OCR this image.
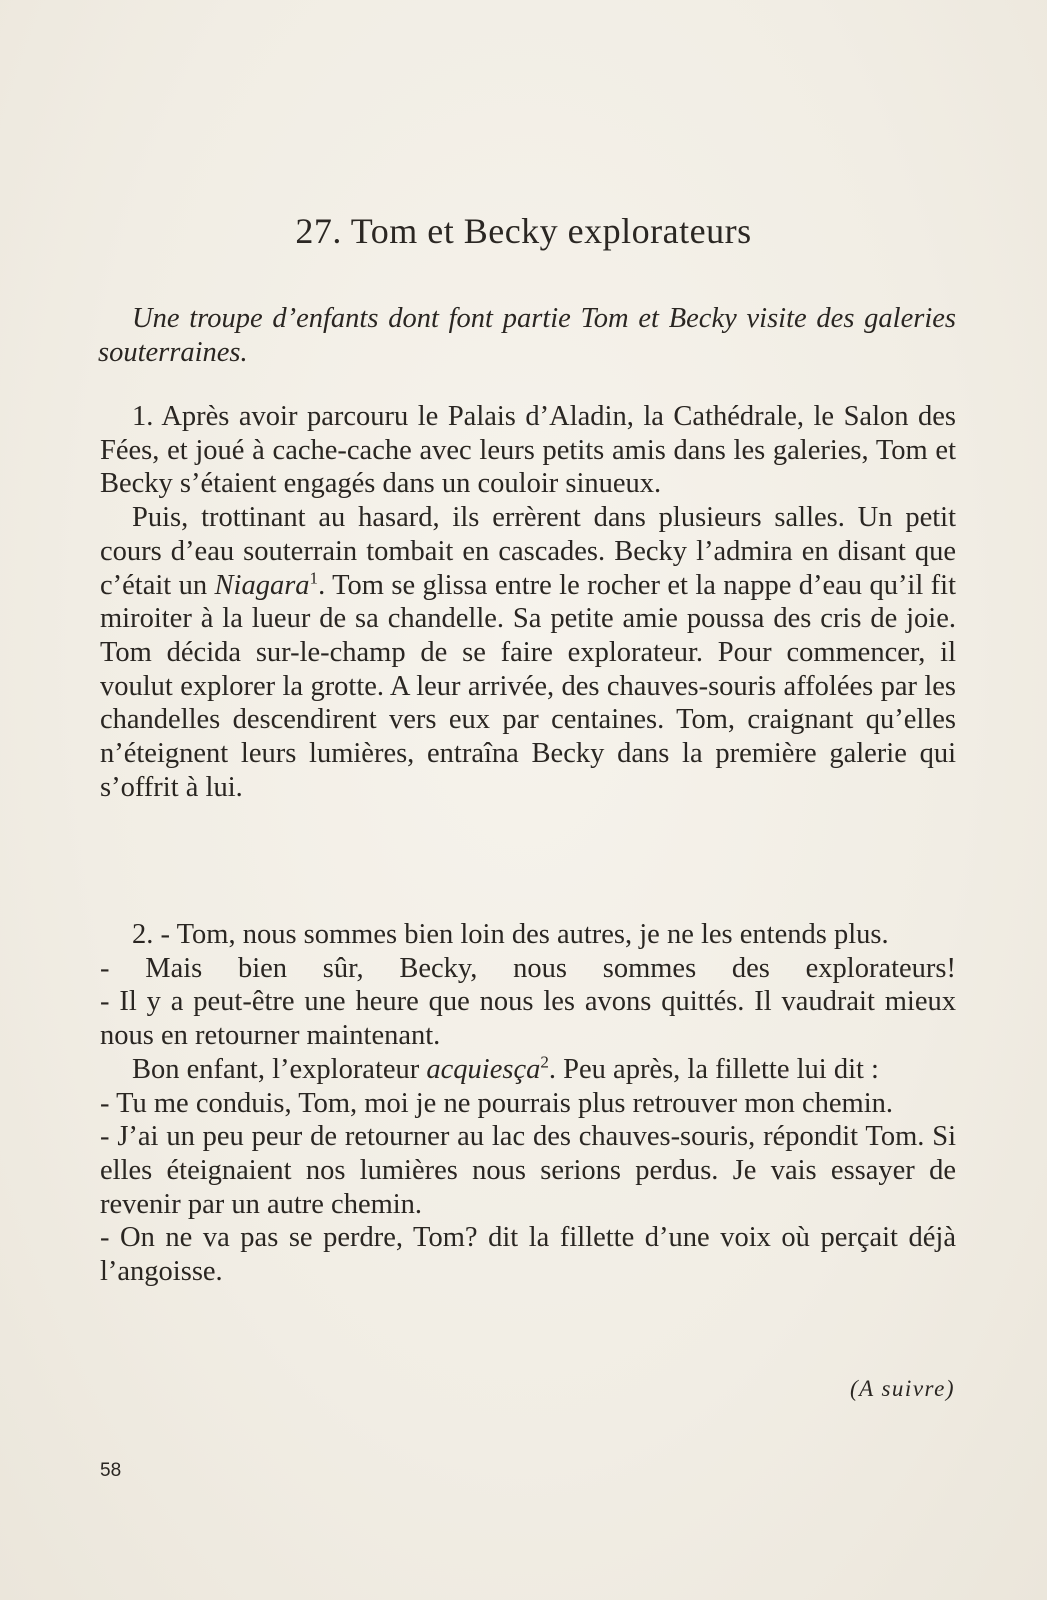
27. Tom et Becky explorateurs
Une troupe d’enfants dont font partie Tom et Becky visite des galeries souterraines.

1. Après avoir parcouru le Palais d’Aladin, la Cathédrale, le Salon des Fées, et joué à cache-cache avec leurs petits amis dans les galeries, Tom et Becky s’étaient engagés dans un couloir sinueux.

Puis, trottinant au hasard, ils errèrent dans plusieurs salles. Un petit cours d’eau souterrain tombait en cascades. Becky l’admira en disant que c’était un Niagara$^1$. Tom se glissa entre le rocher et la nappe d’eau qu’il fit miroiter à la lueur de sa chandelle. Sa petite amie poussa des cris de joie. Tom décida sur-le-champ de se faire explorateur. Pour commencer, il voulut explorer la grotte. A leur arrivée, des chauves-souris affolées par les chandelles descendirent vers eux par centaines. Tom, craignant qu’elles n’éteignent leurs lumières, entraîna Becky dans la première galerie qui s’offrit à lui.

2. - Tom, nous sommes bien loin des autres, je ne les entends plus.

- Mais bien sûr, Becky, nous sommes des explorateurs!

- Il y a peut-être une heure que nous les avons quittés. Il vaudrait mieux nous en retourner maintenant.

Bon enfant, l’explorateur acquiesça$^2$. Peu après, la fillette lui dit :

- Tu me conduis, Tom, moi je ne pourrais plus retrouver mon chemin.

- J’ai un peu peur de retourner au lac des chauves-souris, répondit Tom. Si elles éteignaient nos lumières nous serions perdus. Je vais essayer de revenir par un autre chemin.

- On ne va pas se perdre, Tom? dit la fillette d’une voix où perçait déjà l’angoisse.

(A suivre)
58
